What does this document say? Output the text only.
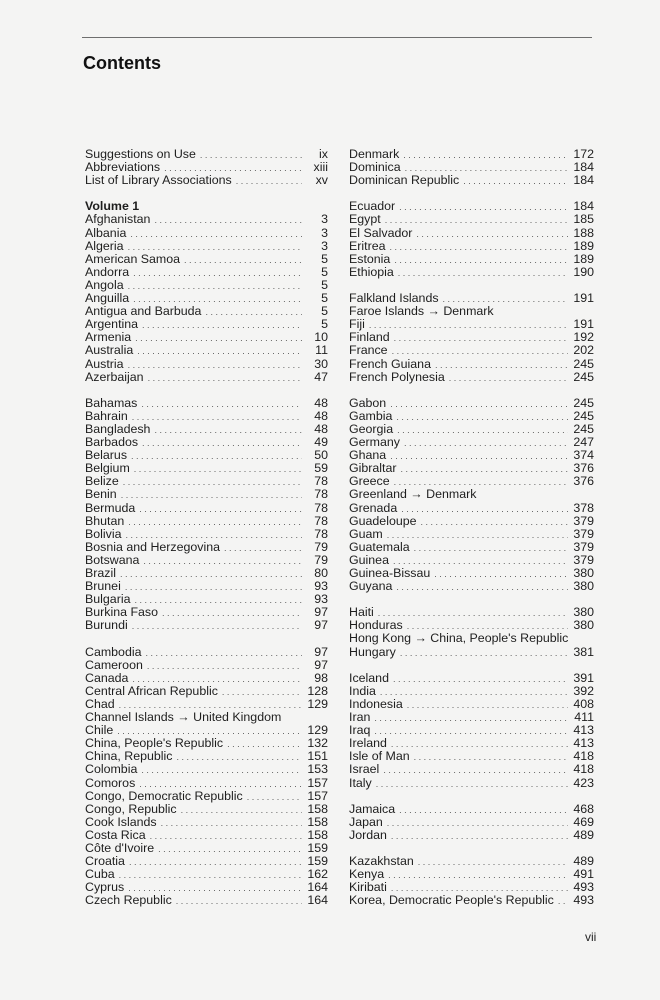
Contents
Suggestions on Use . . .	ix
Abbreviations . . .	xiii
List of Library Associations . . .	xv
Volume 1
Afghanistan . . .	3
Albania . . .	3
Algeria . . .	3
American Samoa . . .	5
Andorra . . .	5
Angola . . .	5
Anguilla . . .	5
Antigua and Barbuda . . .	5
Argentina . . .	5
Armenia . . .	10
Australia . . .	11
Austria . . .	30
Azerbaijan . . .	47
Bahamas . . .	48
Bahrain . . .	48
Bangladesh . . .	48
Barbados . . .	49
Belarus . . .	50
Belgium . . .	59
Belize . . .	78
Benin . . .	78
Bermuda . . .	78
Bhutan . . .	78
Bolivia . . .	78
Bosnia and Herzegovina . . .	79
Botswana . . .	79
Brazil . . .	80
Brunei . . .	93
Bulgaria . . .	93
Burkina Faso . . .	97
Burundi . . .	97
Cambodia . . .	97
Cameroon . . .	97
Canada . . .	98
Central African Republic . . .	128
Chad . . .	129
Channel Islands → United Kingdom
Chile . . .	129
China, People's Republic . . .	132
China, Republic . . .	151
Colombia . . .	153
Comoros . . .	157
Congo, Democratic Republic . . .	157
Congo, Republic . . .	158
Cook Islands . . .	158
Costa Rica . . .	158
Côte d'Ivoire . . .	159
Croatia . . .	159
Cuba . . .	162
Cyprus . . .	164
Czech Republic . . .	164
Denmark . . .	172
Dominica . . .	184
Dominican Republic . . .	184
Ecuador . . .	184
Egypt . . .	185
El Salvador . . .	188
Eritrea . . .	189
Estonia . . .	189
Ethiopia . . .	190
Falkland Islands . . .	191
Faroe Islands → Denmark
Fiji . . .	191
Finland . . .	192
France . . .	202
French Guiana . . .	245
French Polynesia . . .	245
Gabon . . .	245
Gambia . . .	245
Georgia . . .	245
Germany . . .	247
Ghana . . .	374
Gibraltar . . .	376
Greece . . .	376
Greenland → Denmark
Grenada . . .	378
Guadeloupe . . .	379
Guam . . .	379
Guatemala . . .	379
Guinea . . .	379
Guinea-Bissau . . .	380
Guyana . . .	380
Haiti . . .	380
Honduras . . .	380
Hong Kong → China, People's Republic
Hungary . . .	381
Iceland . . .	391
India . . .	392
Indonesia . . .	408
Iran . . .	411
Iraq . . .	413
Ireland . . .	413
Isle of Man . . .	418
Israel . . .	418
Italy . . .	423
Jamaica . . .	468
Japan . . .	469
Jordan . . .	489
Kazakhstan . . .	489
Kenya . . .	491
Kiribati . . .	493
Korea, Democratic People's Republic . . . 493
vii
